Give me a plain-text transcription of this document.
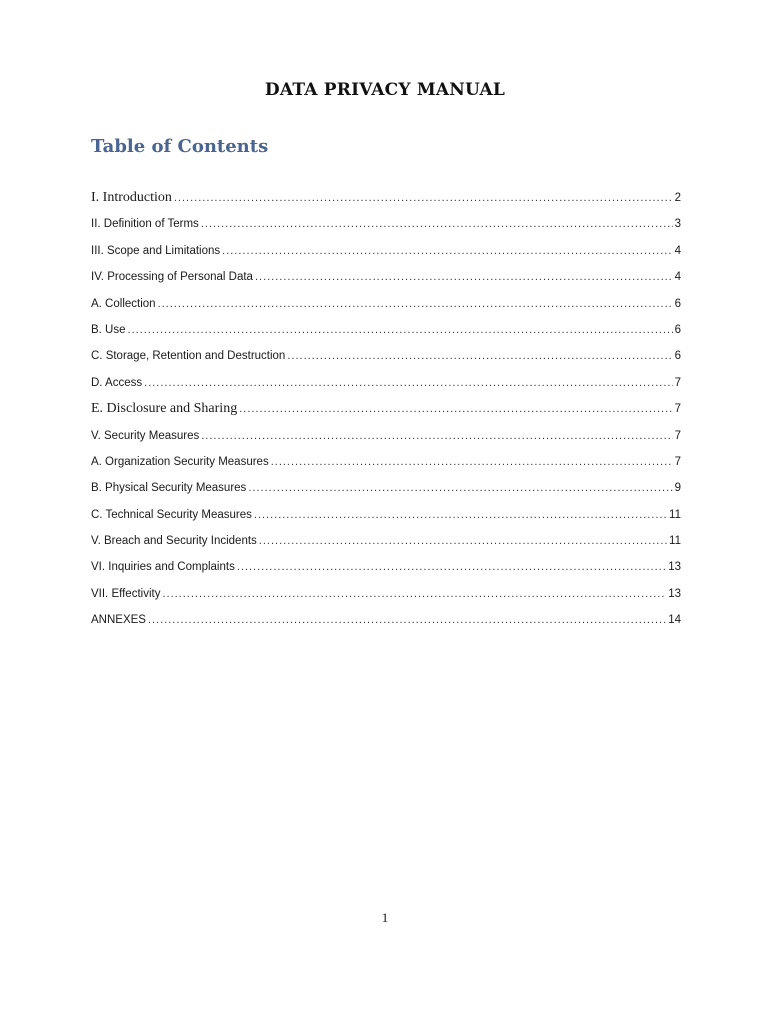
DATA PRIVACY MANUAL
Table of Contents
I. Introduction .....	2
II. Definition of Terms .....	3
III. Scope and Limitations .....	4
IV. Processing of Personal Data .....	4
A. Collection .....	6
B. Use .....	6
C. Storage, Retention and Destruction .....	6
D. Access .....	7
E. Disclosure and Sharing .....	7
V. Security Measures .....	7
A. Organization Security Measures .....	7
B. Physical Security Measures .....	9
C. Technical Security Measures .....	11
V. Breach and Security Incidents .....	11
VI. Inquiries and Complaints .....	13
VII. Effectivity .....	13
ANNEXES .....	14
1
